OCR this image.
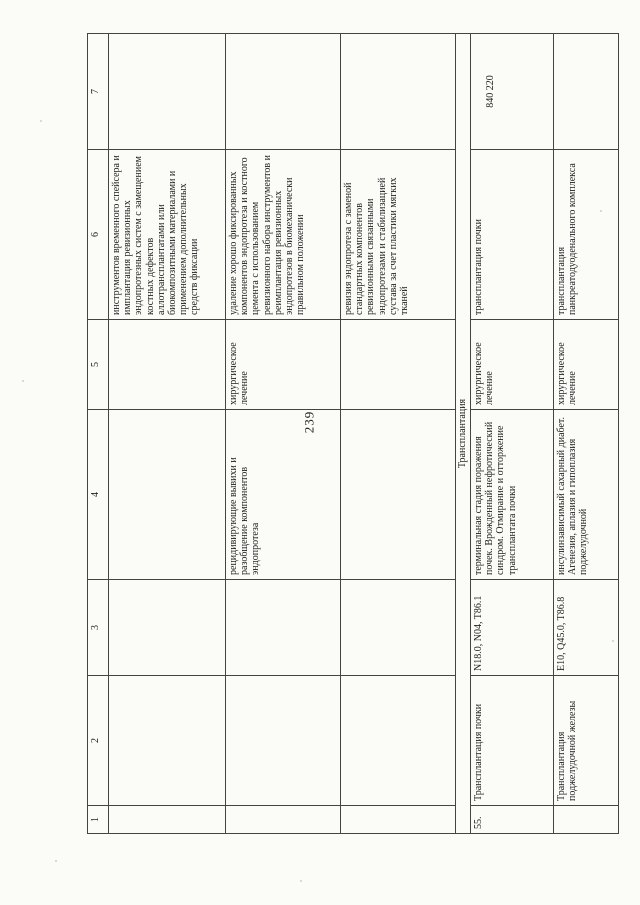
239
1	2	3	4	5	6	7
					инструментов временного спейсера и имплантация ревизионных эндопротезных систем с замещением костных дефектов аллотрансплантатами или биокомпозитными материалами и применением дополнительных средств фиксации	
			рецидивирующие вывихи и разобщение компонентов эндопротеза	хирургическое лечение	удаление хорошо фиксированных компонентов эндопротеза и костного цемента с использованием ревизионного набора инструментов и реимплантация ревизионных эндопротезов в биомеханически правильном положении	
					ревизия эндопротеза с заменой стандартных компонентов ревизионными связанными эндопротезами и стабилизацией сустава за счет пластики мягких тканей	
Трансплантация						
55.	Трансплантация почки	N18.0, N04, T86.1	терминальная стадия поражения почек. Врожденный нефротический синдром. Отмирание и отторжение трансплантата почки	хирургическое лечение	трансплантация почки	840 220
	Трансплантация поджелудочной железы	E10, Q45.0, T86.8	инсулинзависимый сахарный диабет. Агенезия, аплазия и гипоплазия поджелудочной	хирургическое лечение	трансплантация панкреатодуоденального комплекса	
